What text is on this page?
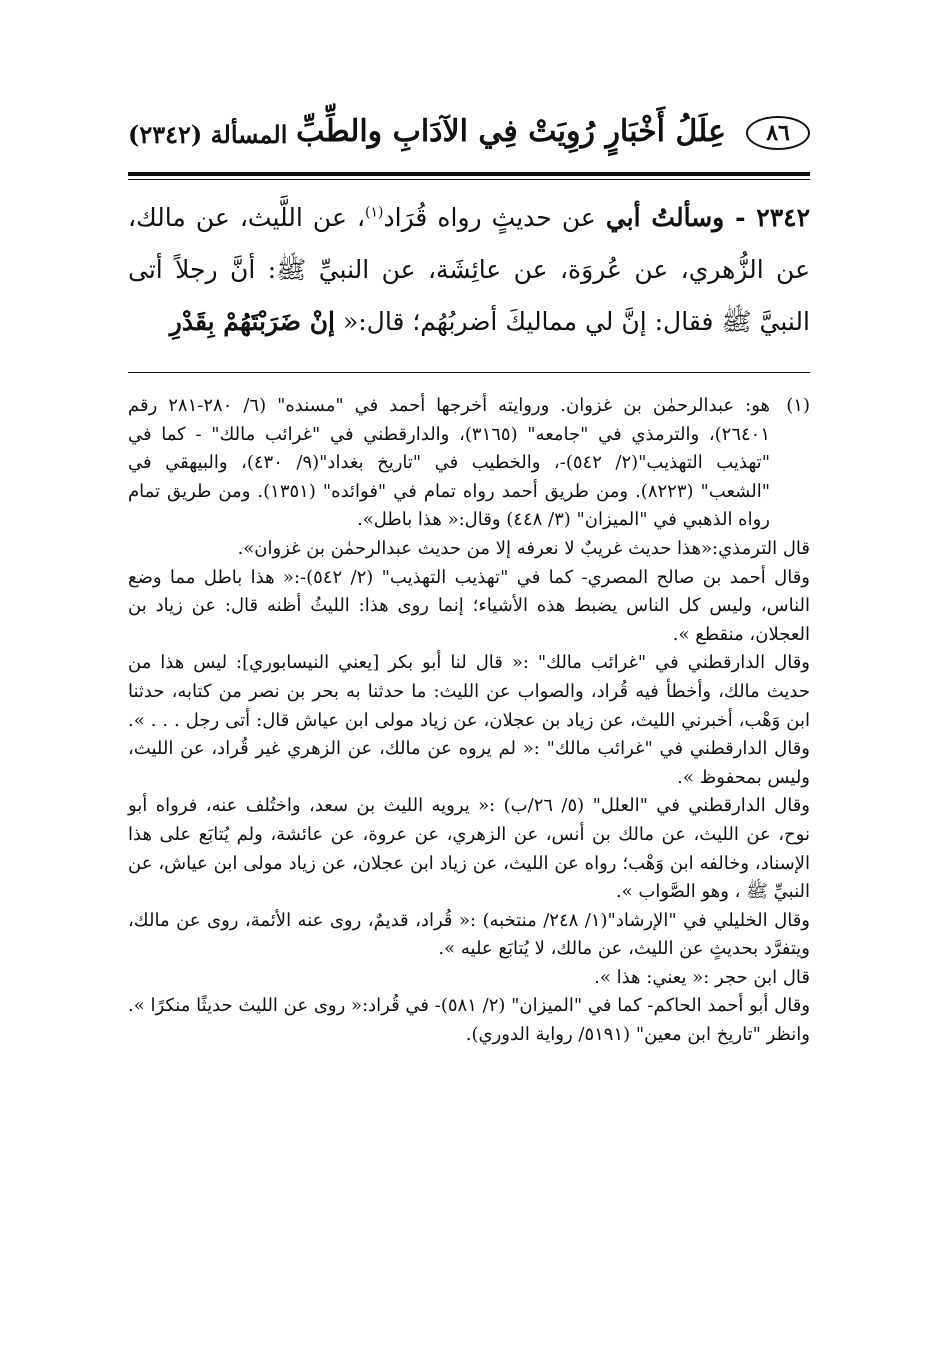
٨٦
عِلَلُ أَخْبَارٍ رُوِيَتْ فِي الآدَابِ والطِّبِّ
المسألة (٢٣٤٢)
٢٣٤٢ - وسألتُ أبي عن حديثٍ رواه قُرَاد$^{(١)}$، عن اللَّيث، عن مالك، عن الزُّهري، عن عُروَة، عن عائِشَة، عن النبيِّ ﷺ: أنَّ رجلاً أتى النبيَّ ﷺ فقال: إنَّ لي مماليكَ أضربُهُم؛ قال:« إنْ ضَرَبْتَهُمْ بِقَدْرِ

(١)
هو: عبدالرحمٰن بن غزوان. وروايته أخرجها أحمد في "مسنده" (٦/ ٢٨٠-٢٨١ رقم ٢٦٤٠١)، والترمذي في "جامعه" (٣١٦٥)، والدارقطني في "غرائب مالك" - كما في "تهذيب التهذيب"(٢/ ٥٤٢)-، والخطيب في "تاريخ بغداد"(٩/ ٤٣٠)، والبيهقي في "الشعب" (٨٢٢٣). ومن طريق أحمد رواه تمام في "فوائده" (١٣٥١). ومن طريق تمام رواه الذهبي في "الميزان" (٣/ ٤٤٨) وقال:« هذا باطل».

قال الترمذي:«هذا حديث غريبٌ لا نعرفه إلا من حديث عبدالرحمٰن بن غزوان».

وقال أحمد بن صالح المصري- كما في "تهذيب التهذيب" (٢/ ٥٤٢)-:« هذا باطل مما وضع الناس، وليس كل الناس يضبط هذه الأشياء؛ إنما روى هذا: الليثُ أظنه قال: عن زياد بن العجلان، منقطع ».

وقال الدارقطني في "غرائب مالك" :« قال لنا أبو بكر [يعني النيسابوري]: ليس هذا من حديث مالك، وأخطأ فيه قُراد، والصواب عن الليث: ما حدثنا به بحر بن نصر من كتابه، حدثنا ابن وَهْب، أخبرني الليث، عن زياد بن عجلان، عن زياد مولى ابن عياش قال: أتى رجل . . . ». وقال الدارقطني في "غرائب مالك" :« لم يروه عن مالك، عن الزهري غير قُراد، عن الليث، وليس بمحفوظ ».

وقال الدارقطني في "العلل" (٥/ ٢٦/ب) :« يرويه الليث بن سعد، واختُلف عنه، فرواه أبو نوح، عن الليث، عن مالك بن أنس، عن الزهري، عن عروة، عن عائشة، ولم يُتابَع على هذا الإسناد، وخالفه ابن وَهْب؛ رواه عن الليث، عن زياد ابن عجلان، عن زياد مولى ابن عياش، عن النبيِّ ﷺ ، وهو الصَّواب ».

وقال الخليلي في "الإرشاد"(١/ ٢٤٨/ منتخبه) :« قُراد، قديمٌ، روى عنه الأئمة، روى عن مالك، ويتفرَّد بحديثٍ عن الليث، عن مالك، لا يُتابَع عليه ».

قال ابن حجر :« يعني: هذا ».

وقال أبو أحمد الحاكم- كما في "الميزان" (٢/ ٥٨١)- في قُراد:« روى عن الليث حديثًا منكرًا ». وانظر "تاريخ ابن معين" (٥١٩١/ رواية الدوري).
